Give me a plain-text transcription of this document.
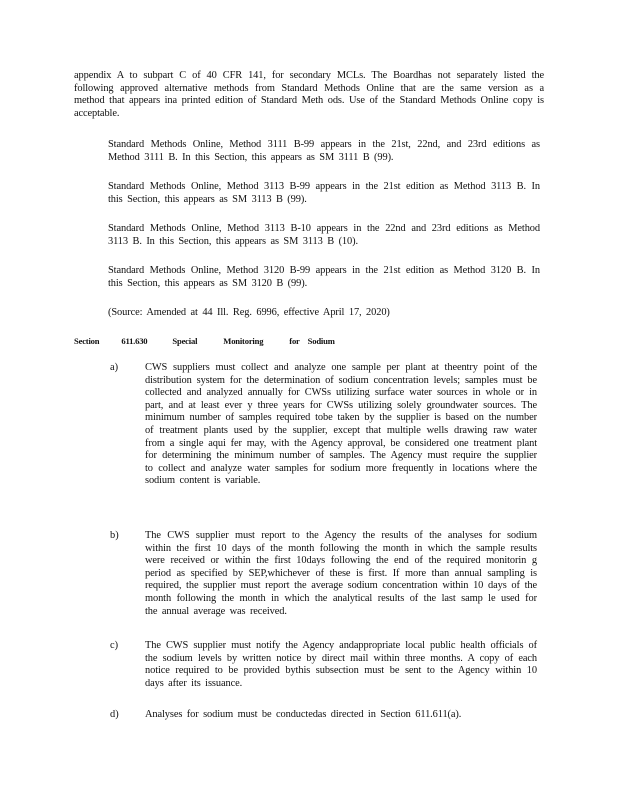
appendix A to subpart C of 40 CFR 141, for secondary MCLs. The Boardhas not separately listed the following approved alternative methods from Standard Methods Online that are the same version as a method that appears ina printed edition of Standard Meth ods. Use of the Standard Methods Online copy is acceptable.
Standard Methods Online, Method 3111 B-99 appears in the 21st, 22nd, and 23rd editions as Method 3111 B. In this Section, this appears as SM 3111 B (99).
Standard Methods Online, Method 3113 B-99 appears in the 21st edition as Method 3113 B. In this Section, this appears as SM 3113 B (99).
Standard Methods Online, Method 3113 B-10 appears in the 22nd and 23rd editions as Method 3113 B. In this Section, this appears as SM 3113 B (10).
Standard Methods Online, Method 3120 B-99 appears in the 21st edition as Method 3120 B. In this Section, this appears as SM 3120 B (99).
(Source: Amended at 44 Ill. Reg. 6996, effective April 17, 2020)
Section	611.630	Special	Monitoring	for Sodium
a)	CWS suppliers must collect and analyze one sample per plant at theentry point of the distribution system for the determination of sodium concentration levels; samples must be collected and analyzed annually for CWSs utilizing surface water sources in whole or in part, and at least ever y three years for CWSs utilizing solely groundwater sources. The minimum number of samples required tobe taken by the supplier is based on the number of treatment plants used by the supplier, except that multiple wells drawing raw water from a single aqui fer may, with the Agency approval, be considered one treatment plant for determining the minimum number of samples. The Agency must require the supplier to collect and analyze water samples for sodium more frequently in locations where the sodium content is variable.
b)	The CWS supplier must report to the Agency the results of the analyses for sodium within the first 10 days of the month following the month in which the sample results were received or within the first 10days following the end of the required monitorin g period as specified by SEP,whichever of these is first. If more than annual sampling is required, the supplier must report the average sodium concentration within 10 days of the month following the month in which the analytical results of the last samp le used for the annual average was received.
c)	The CWS supplier must notify the Agency andappropriate local public health officials of the sodium levels by written notice by direct mail within three months. A copy of each notice required to be provided bythis subsection must be sent to the Agency within 10 days after its issuance.
d)	Analyses for sodium must be conductedas directed in Section 611.611(a).
